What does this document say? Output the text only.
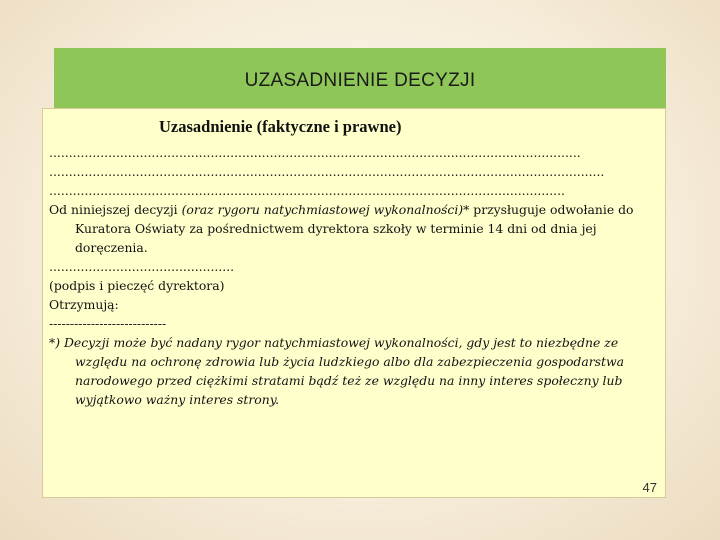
UZASADNIENIE DECYZJI
Uzasadnienie (faktyczne i prawne)
.......................................................................................................................................
.............................................................................................................................................
...................................................................................................................................

Od niniejszej decyzji (oraz rygoru natychmiastowej wykonalności)* przysługuje odwołanie do Kuratora Oświaty za pośrednictwem dyrektora szkoły w terminie 14 dni od dnia jej doręczenia.

...............................................
(podpis i pieczęć dyrektora)
Otrzymują:
----------------------------

*) Decyzji może być nadany rygor natychmiastowej wykonalności, gdy jest to niezbędne ze względu na ochronę zdrowia lub życia ludzkiego albo dla zabezpieczenia gospodarstwa narodowego przed ciężkimi stratami bądź też ze względu na inny interes społeczny lub wyjątkowo ważny interes strony.

47
